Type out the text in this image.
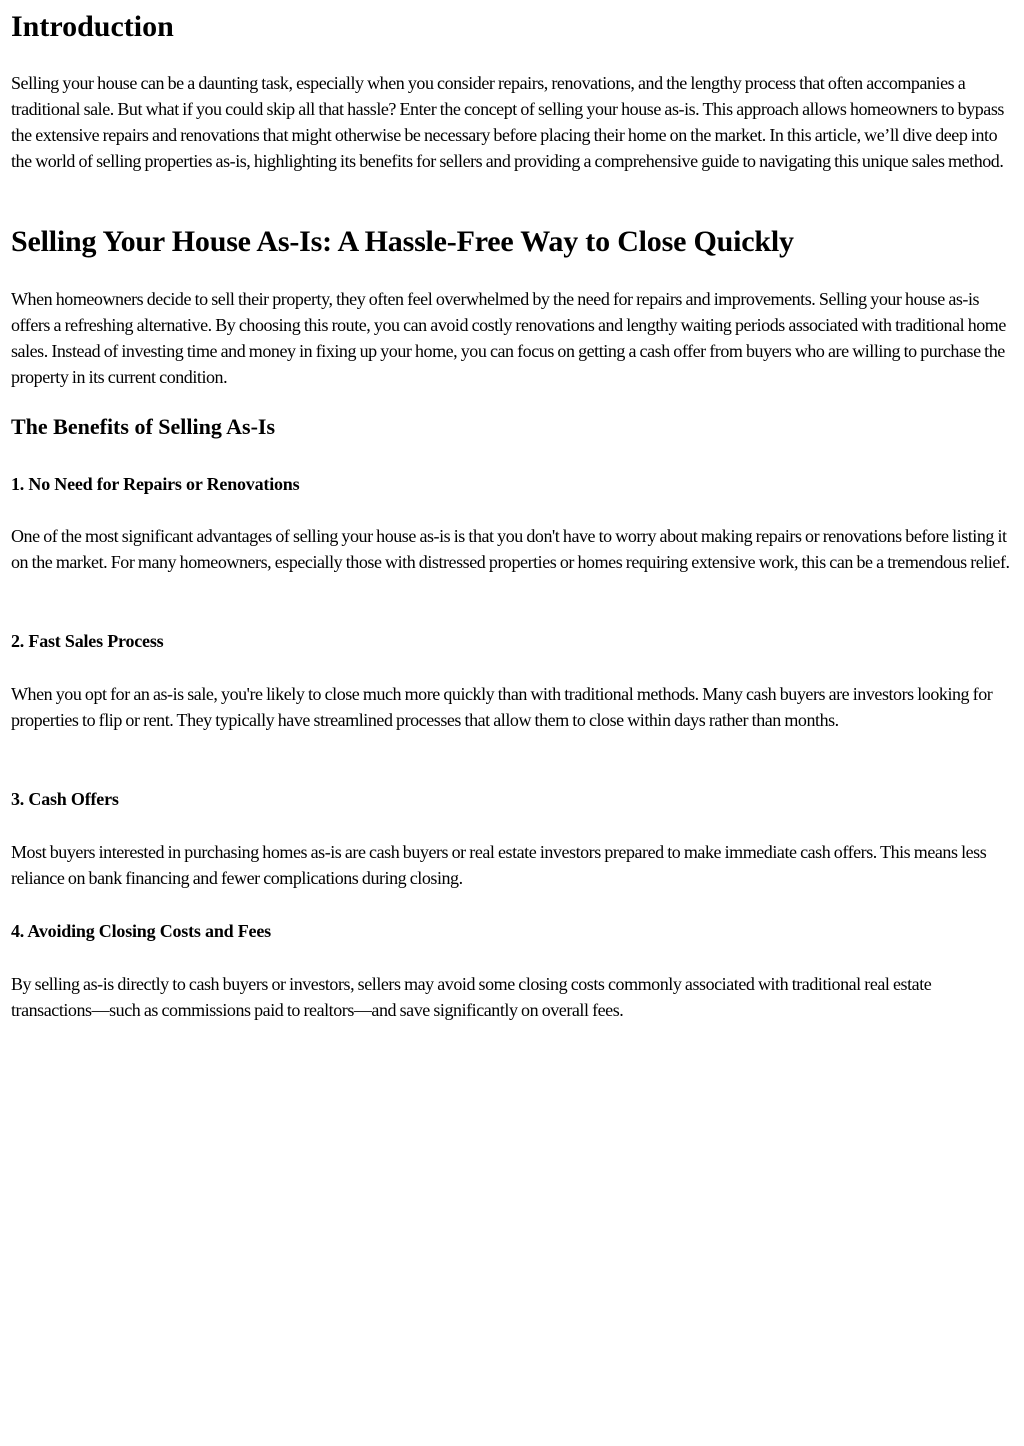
Introduction

Selling your house can be a daunting task, especially when you consider repairs, renovations, and the lengthy process that often accompanies a traditional sale. But what if you could skip all that hassle? Enter the concept of selling your house as-is. This approach allows homeowners to bypass the extensive repairs and renovations that might otherwise be necessary before placing their home on the market. In this article, we’ll dive deep into the world of selling properties as-is, highlighting its benefits for sellers and providing a comprehensive guide to navigating this unique sales method.

Selling Your House As-Is: A Hassle-Free Way to Close Quickly

When homeowners decide to sell their property, they often feel overwhelmed by the need for repairs and improvements. Selling your house as-is offers a refreshing alternative. By choosing this route, you can avoid costly renovations and lengthy waiting periods associated with traditional home sales. Instead of investing time and money in fixing up your home, you can focus on getting a cash offer from buyers who are willing to purchase the property in its current condition.

The Benefits of Selling As-Is
1. No Need for Repairs or Renovations

One of the most significant advantages of selling your house as-is is that you don't have to worry about making repairs or renovations before listing it on the market. For many homeowners, especially those with distressed properties or homes requiring extensive work, this can be a tremendous relief.

2. Fast Sales Process

When you opt for an as-is sale, you're likely to close much more quickly than with traditional methods. Many cash buyers are investors looking for properties to flip or rent. They typically have streamlined processes that allow them to close within days rather than months.

3. Cash Offers

Most buyers interested in purchasing homes as-is are cash buyers or real estate investors prepared to make immediate cash offers. This means less reliance on bank financing and fewer complications during closing.

4. Avoiding Closing Costs and Fees

By selling as-is directly to cash buyers or investors, sellers may avoid some closing costs commonly associated with traditional real estate transactions—such as commissions paid to realtors—and save significantly on overall fees.
